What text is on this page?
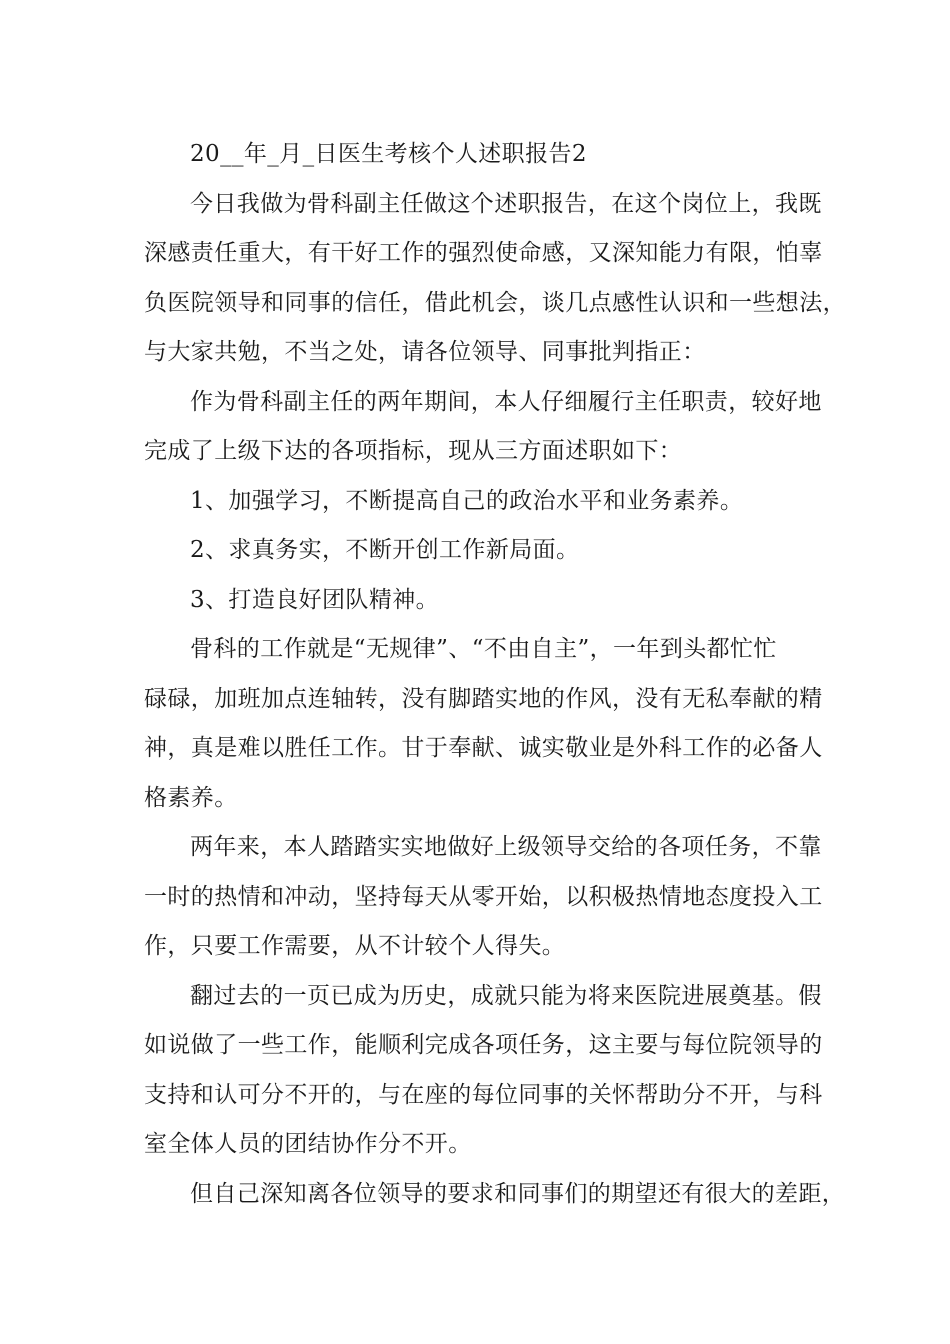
20__年_月_日医生考核个人述职报告2
今日我做为骨科副主任做这个述职报告，在这个岗位上，我既
深感责任重大，有干好工作的强烈使命感，又深知能力有限，怕辜
负医院领导和同事的信任，借此机会，谈几点感性认识和一些想法，
与大家共勉，不当之处，请各位领导、同事批判指正：
作为骨科副主任的两年期间，本人仔细履行主任职责，较好地
完成了上级下达的各项指标，现从三方面述职如下：
1、加强学习，不断提高自己的政治水平和业务素养。
2、求真务实，不断开创工作新局面。
3、打造良好团队精神。
骨科的工作就是“无规律”、“不由自主”，一年到头都忙忙
碌碌，加班加点连轴转，没有脚踏实地的作风，没有无私奉献的精
神，真是难以胜任工作。甘于奉献、诚实敬业是外科工作的必备人
格素养。
两年来，本人踏踏实实地做好上级领导交给的各项任务，不靠
一时的热情和冲动，坚持每天从零开始，以积极热情地态度投入工
作，只要工作需要，从不计较个人得失。
翻过去的一页已成为历史，成就只能为将来医院进展奠基。假
如说做了一些工作，能顺利完成各项任务，这主要与每位院领导的
支持和认可分不开的，与在座的每位同事的关怀帮助分不开，与科
室全体人员的团结协作分不开。
但自己深知离各位领导的要求和同事们的期望还有很大的差距，
